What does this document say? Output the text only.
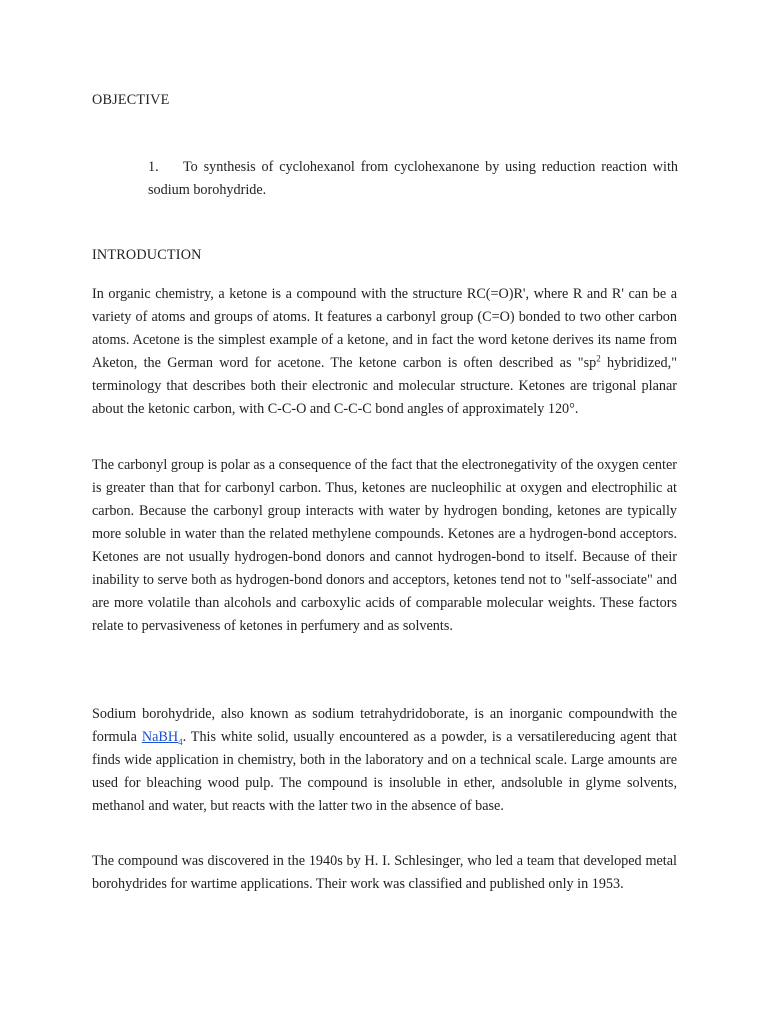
OBJECTIVE
1. To synthesis of cyclohexanol from cyclohexanone by using reduction reaction with sodium borohydride.
INTRODUCTION

In organic chemistry, a ketone is a compound with the structure RC(=O)R', where R and R' can be a variety of atoms and groups of atoms. It features a carbonyl group (C=O) bonded to two other carbon atoms. Acetone is the simplest example of a ketone, and in fact the word ketone derives its name from Aketon, the German word for acetone. The ketone carbon is often described as "$sp^2$ hybridized," terminology that describes both their electronic and molecular structure. Ketones are trigonal planar about the ketonic carbon, with C-C-O and C-C-C bond angles of approximately 120°.

The carbonyl group is polar as a consequence of the fact that the electronegativity of the oxygen center is greater than that for carbonyl carbon. Thus, ketones are nucleophilic at oxygen and electrophilic at carbon. Because the carbonyl group interacts with water by hydrogen bonding, ketones are typically more soluble in water than the related methylene compounds. Ketones are a hydrogen-bond acceptors. Ketones are not usually hydrogen-bond donors and cannot hydrogen-bond to itself. Because of their inability to serve both as hydrogen-bond donors and acceptors, ketones tend not to "self-associate" and are more volatile than alcohols and carboxylic acids of comparable molecular weights. These factors relate to pervasiveness of ketones in perfumery and as solvents.

Sodium borohydride, also known as sodium tetrahydridoborate, is an inorganic compoundwith the formula NaBH$_4$. This white solid, usually encountered as a powder, is a versatilereducing agent that finds wide application in chemistry, both in the laboratory and on a technical scale. Large amounts are used for bleaching wood pulp. The compound is insoluble in ether, andsoluble in glyme solvents, methanol and water, but reacts with the latter two in the absence of base.

The compound was discovered in the 1940s by H. I. Schlesinger, who led a team that developed metal borohydrides for wartime applications. Their work was classified and published only in 1953.
